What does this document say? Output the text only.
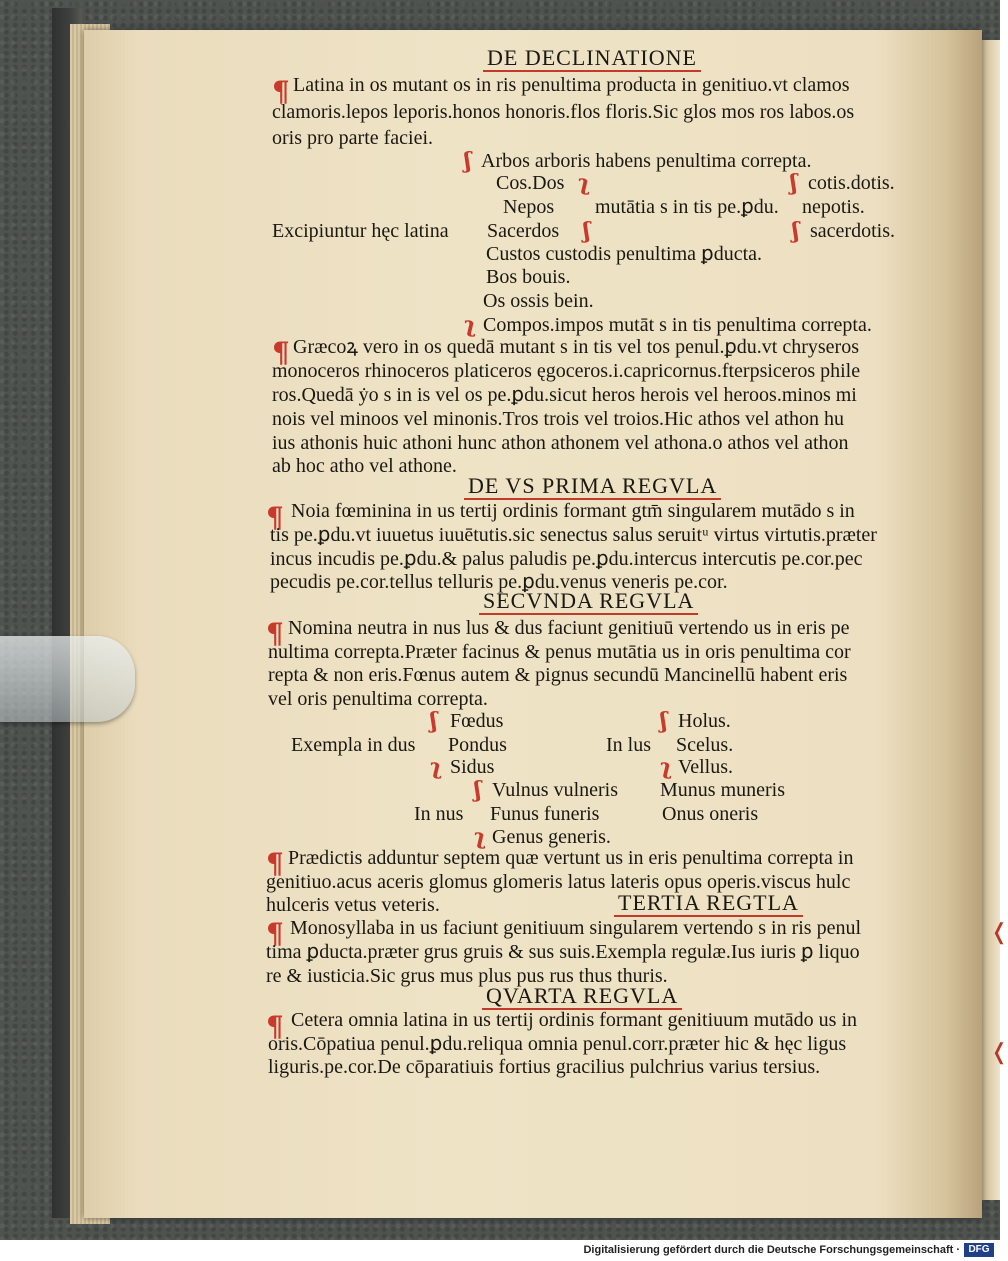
❬
❬
DE DECLINATIONE
¶ Latina in os mutant os in ris penultima producta in genitiuo.vt clamos
clamoris.lepos leporis.honos honoris.flos floris.Sic glos mos ros labos.os
oris pro parte faciei.
ʃ Arbos arboris habens penultima correpta.
Cos.Dos ʅ	ʃ cotis.dotis.
Nepos mutātia s in tis pe.ꝑdu. nepotis.
Excipiuntur hęc latina Sacerdos ʃ	ʃ sacerdotis.
Custos custodis penultima ꝑducta.
Bos bouis.
Os ossis bein.
ʅ Compos.impos mutāt s in tis penultima correpta.
¶ Græcoꝝ vero in os quedā mutant s in tis vel tos penul.ꝑdu.vt chryseros
monoceros rhinoceros platiceros ęgoceros.i.capricornus.fterpsiceros phile
ros.Quedā ẏo s in is vel os pe.ꝑdu.sicut heros herois vel heroos.minos mi
nois vel minoos vel minonis.Tros trois vel troios.Hic athos vel athon hu
ius athonis huic athoni hunc athon athonem vel athona.o athos vel athon
ab hoc atho vel athone.
DE VS PRIMA REGVLA
¶ Noia fœminina in us tertij ordinis formant gtm̄ singularem mutādo s in
tis pe.ꝑdu.vt iuuetus iuuētutis.sic senectus salus seruitᵘ virtus virtutis.præter
incus incudis pe.ꝑdu.& palus paludis pe.ꝑdu.intercus intercutis pe.cor.pec
pecudis pe.cor.tellus telluris pe.ꝑdu.venus veneris pe.cor.
SECVNDA REGVLA
¶ Nomina neutra in nus lus & dus faciunt genitiuū vertendo us in eris pe
nultima correpta.Præter facinus & penus mutātia us in oris penultima cor
repta & non eris.Fœnus autem & pignus secundū Mancinellū habent eris
vel oris penultima correpta.
ʃ Fœdus	ʃ Holus.
Exempla in dus Pondus	In lus Scelus.
ʅ Sidus	ʅ Vellus.
ʃ Vulnus vulneris Munus muneris
In nus Funus funeris	Onus oneris
ʅ Genus generis.
¶ Prædictis adduntur septem quæ vertunt us in eris penultima correpta in
genitiuo.acus aceris glomus glomeris latus lateris opus operis.viscus hulc
hulceris vetus veteris.	TERTIA REGTLA
¶ Monosyllaba in us faciunt genitiuum singularem vertendo s in ris penul
tima ꝑducta.præter grus gruis & sus suis.Exempla regulæ.Ius iuris ꝑ liquo
re & iusticia.Sic grus mus plus pus rus thus thuris.
QVARTA REGVLA
¶ Cetera omnia latina in us tertij ordinis formant genitiuum mutādo us in
oris.Cōpatiua penul.ꝑdu.reliqua omnia penul.corr.præter hic & hęc ligus
liguris.pe.cor.De cōparatiuis fortius gracilius pulchrius varius tersius.
Digitalisierung gefördert durch die Deutsche Forschungsgemeinschaft · DFG
